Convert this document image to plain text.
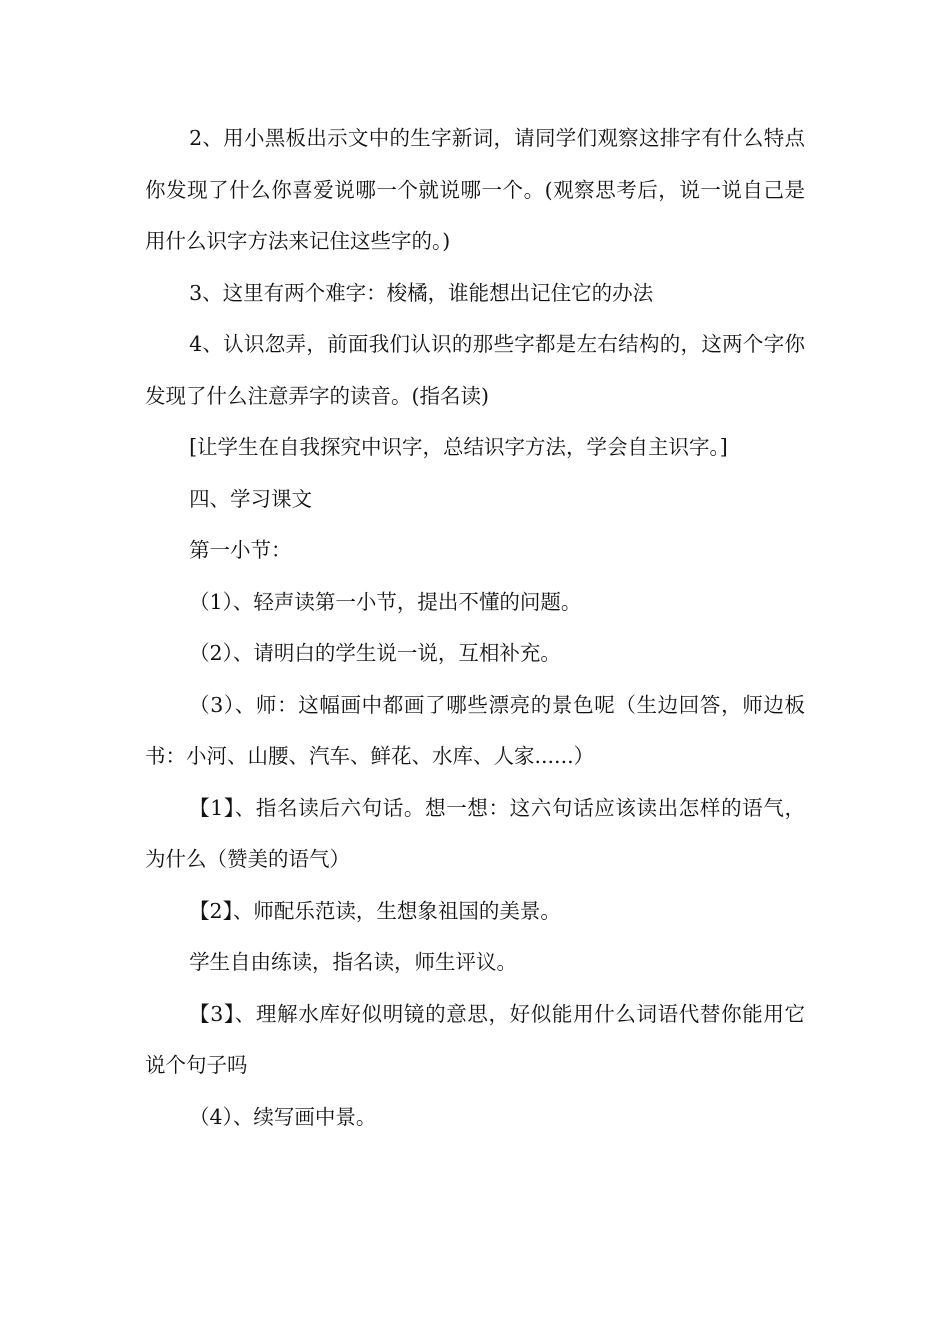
2、用小黑板出示文中的生字新词，请同学们观察这排字有什么特点你发现了什么你喜爱说哪一个就说哪一个。(观察思考后，说一说自己是用什么识字方法来记住这些字的。)

3、这里有两个难字：梭橘，谁能想出记住它的办法

4、认识忽弄，前面我们认识的那些字都是左右结构的，这两个字你发现了什么注意弄字的读音。(指名读)

[让学生在自我探究中识字，总结识字方法，学会自主识字。]

四、学习课文

第一小节：

（1）、轻声读第一小节，提出不懂的问题。

（2）、请明白的学生说一说，互相补充。

（3）、师：这幅画中都画了哪些漂亮的景色呢（生边回答，师边板书：小河、山腰、汽车、鲜花、水库、人家......）

【1】、指名读后六句话。想一想：这六句话应该读出怎样的语气，为什么（赞美的语气）

【2】、师配乐范读，生想象祖国的美景。

学生自由练读，指名读，师生评议。

【3】、理解水库好似明镜的意思，好似能用什么词语代替你能用它说个句子吗

（4）、续写画中景。
